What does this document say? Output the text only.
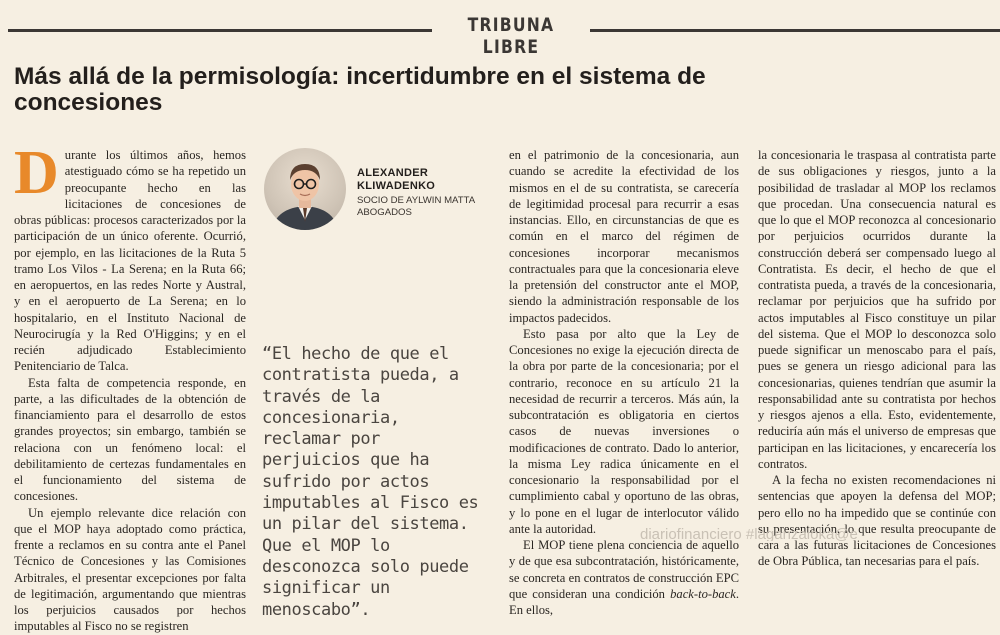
TRIBUNA LIBRE
Más allá de la permisología: incertidumbre en el sistema de concesiones

Durante los últimos años, hemos atestiguado cómo se ha repetido un preocupante hecho en las licitaciones de concesiones de obras públicas: procesos caracterizados por la participación de un único oferente. Ocurrió, por ejemplo, en las licitaciones de la Ruta 5 tramo Los Vilos - La Serena; en la Ruta 66; en aeropuertos, en las redes Norte y Austral, y en el aeropuerto de La Serena; en lo hospitalario, en el Instituto Nacional de Neurocirugía y la Red O'Higgins; y en el recién adjudicado Establecimiento Penitenciario de Talca.

Esta falta de competencia responde, en parte, a las dificultades de la obtención de financiamiento para el desarrollo de estos grandes proyectos; sin embargo, también se relaciona con un fenómeno local: el debilitamiento de certezas fundamentales en el funcionamiento del sistema de concesiones.

Un ejemplo relevante dice relación con que el MOP haya adoptado como práctica, frente a reclamos en su contra ante el Panel Técnico de Concesiones y las Comisiones Arbitrales, el presentar excepciones por falta de legitimación, argumentando que mientras los perjuicios causados por hechos imputables al Fisco no se registren

ALEXANDER KLIWADENKO
SOCIO DE AYLWIN MATTA ABOGADOS

“El hecho de que el contratista pueda, a través de la concesionaria, reclamar por perjuicios que ha sufrido por actos imputables al Fisco es un pilar del sistema. Que el MOP lo desconozca solo puede significar un menoscabo”.

en el patrimonio de la concesionaria, aun cuando se acredite la efectividad de los mismos en el de su contratista, se carecería de legitimidad procesal para recurrir a esas instancias. Ello, en circunstancias de que es común en el marco del régimen de concesiones incorporar mecanismos contractuales para que la concesionaria eleve la pretensión del constructor ante el MOP, siendo la administración responsable de los impactos padecidos.

Esto pasa por alto que la Ley de Concesiones no exige la ejecución directa de la obra por parte de la concesionaria; por el contrario, reconoce en su artículo 21 la necesidad de recurrir a terceros. Más aún, la subcontratación es obligatoria en ciertos casos de nuevas inversiones o modificaciones de contrato. Dado lo anterior, la misma Ley radica únicamente en el concesionario la responsabilidad por el cumplimiento cabal y oportuno de las obras, y lo pone en el lugar de interlocutor válido ante la autoridad.

El MOP tiene plena conciencia de aquello y de que esa subcontratación, históricamente, se concreta en contratos de construcción EPC que consideran una condición back-to-back. En ellos,

la concesionaria le traspasa al contratista parte de sus obligaciones y riesgos, junto a la posibilidad de trasladar al MOP los reclamos que procedan. Una consecuencia natural es que lo que el MOP reconozca al concesionario por perjuicios ocurridos durante la construcción deberá ser compensado luego al Contratista. Es decir, el hecho de que el contratista pueda, a través de la concesionaria, reclamar por perjuicios que ha sufrido por actos imputables al Fisco constituye un pilar del sistema. Que el MOP lo desconozca solo puede significar un menoscabo para el país, pues se genera un riesgo adicional para las concesionarias, quienes tendrían que asumir la responsabilidad ante su contratista por hechos y riesgos ajenos a ella. Esto, evidentemente, reduciría aún más el universo de empresas que participan en las licitaciones, y encarecería los contratos.

A la fecha no existen recomendaciones ni sentencias que apoyen la defensa del MOP; pero ello no ha impedido que se continúe con su presentación, lo que resulta preocupante de cara a las futuras licitaciones de Concesiones de Obra Pública, tan necesarias para el país.

diariofinanciero #laganzaloka@e
